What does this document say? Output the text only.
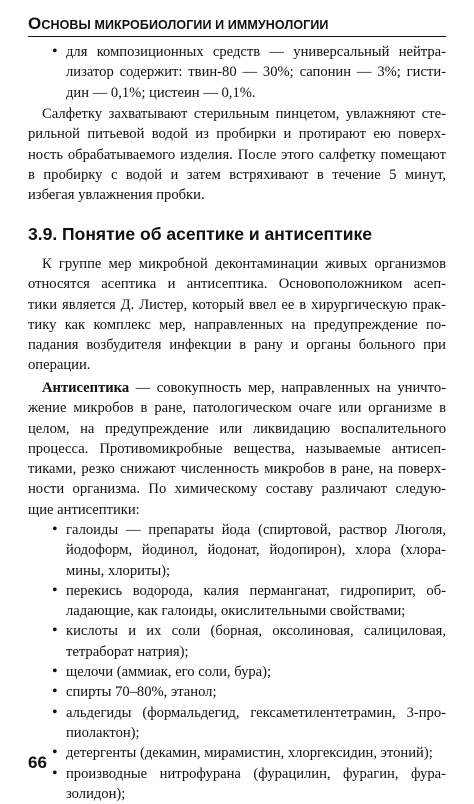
ОСНОВЫ МИКРОБИОЛОГИИ И ИММУНОЛОГИИ
• для композиционных средств — универсальный нейтра-
лизатор содержит: твин-80 — 30%; сапонин — 3%; гисти-
дин — 0,1%; цистеин — 0,1%.
Салфетку захватывают стерильным пинцетом, увлажняют сте-
рильной питьевой водой из пробирки и протирают ею поверх-
ность обрабатываемого изделия. После этого салфетку помещают
в пробирку с водой и затем встряхивают в течение 5 минут,
избегая увлажнения пробки.
3.9. Понятие об асептике и антисептике
К группе мер микробной деконтаминации живых организмов
относятся асептика и антисептика. Основоположником асеп-
тики является Д. Листер, который ввел ее в хирургическую прак-
тику как комплекс мер, направленных на предупреждение по-
падания возбудителя инфекции в рану и органы больного при
операции.
Антисептика — совокупность мер, направленных на уничто-
жение микробов в ране, патологическом очаге или организме в
целом, на предупреждение или ликвидацию воспалительного
процесса. Противомикробные вещества, называемые антисеп-
тиками, резко снижают численность микробов в ране, на поверх-
ности организма. По химическому составу различают следую-
щие антисептики:
• галоиды — препараты йода (спиртовой, раствор Люголя,
йодоформ, йодинол, йодонат, йодопирон), хлора (хлора-
мины, хлориты);
• перекись водорода, калия перманганат, гидропирит, об-
ладающие, как галоиды, окислительными свойствами;
• кислоты и их соли (борная, оксолиновая, салициловая,
тетраборат натрия);
• щелочи (аммиак, его соли, бура);
• спирты 70–80%, этанол;
• альдегиды (формальдегид, гексаметилентетрамин, 3-про-
пиолактон);
• детергенты (декамин, мирамистин, хлоргексидин, этоний);
• производные нитрофурана (фурацилин, фурагин, фура-
золидон);
66
